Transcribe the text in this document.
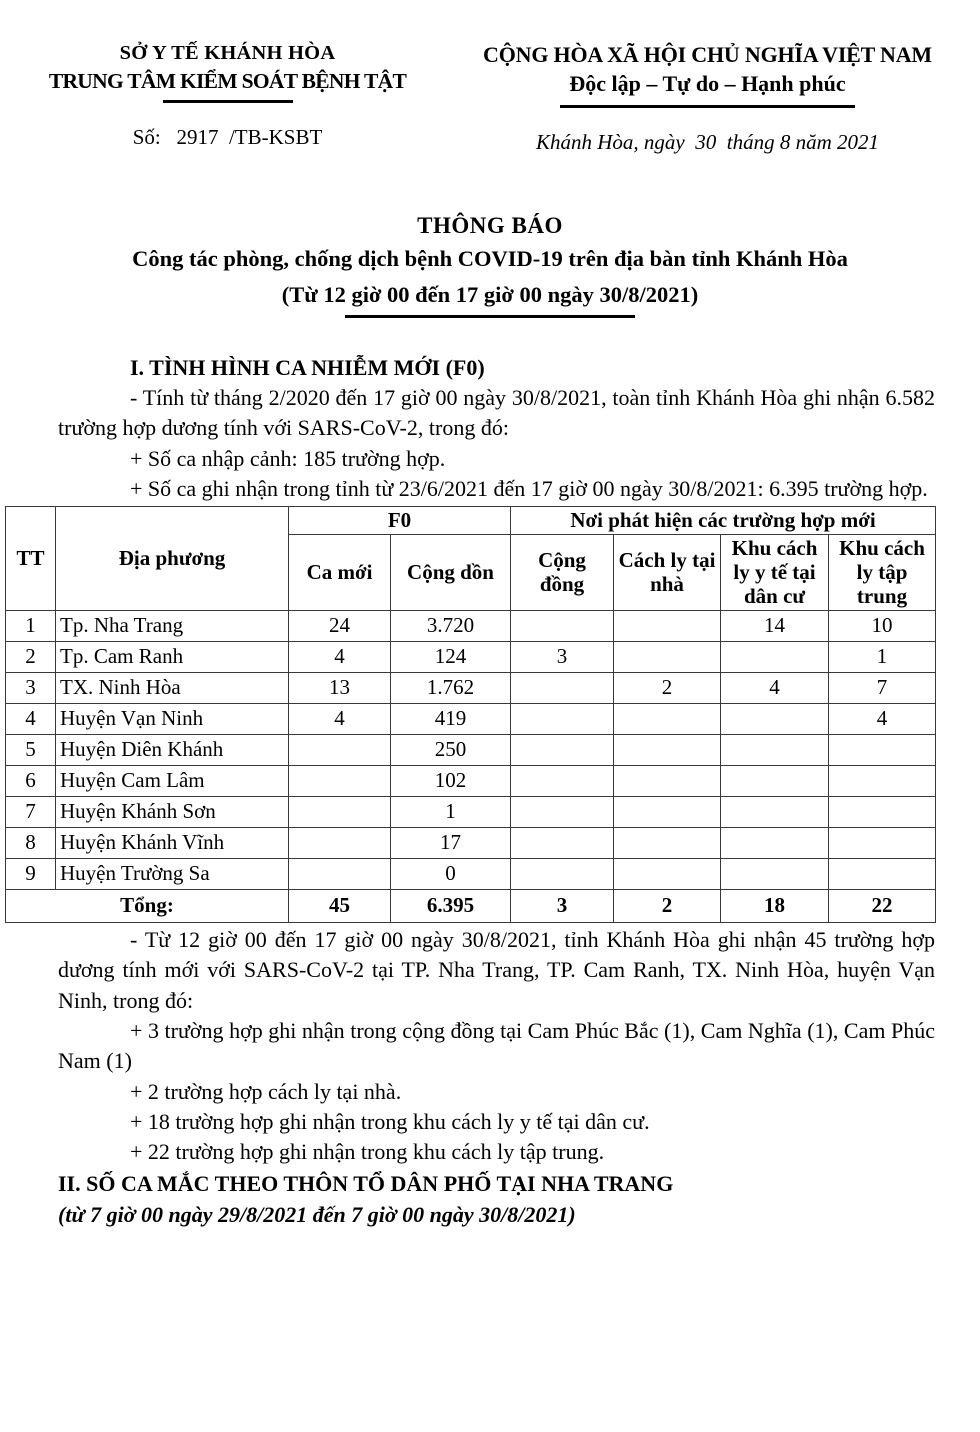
SỞ Y TẾ KHÁNH HÒA
TRUNG TÂM KIỂM SOÁT BỆNH TẬT
Số:   2917  /TB-KSBT
CỘNG HÒA XÃ HỘI CHỦ NGHĨA VIỆT NAM
Độc lập – Tự do – Hạnh phúc
Khánh Hòa, ngày  30  tháng 8 năm 2021
THÔNG BÁO
Công tác phòng, chống dịch bệnh COVID-19 trên địa bàn tỉnh Khánh Hòa
(Từ 12 giờ 00 đến 17 giờ 00 ngày 30/8/2021)

I. TÌNH HÌNH CA NHIỄM MỚI (F0)

- Tính từ tháng 2/2020 đến 17 giờ 00 ngày 30/8/2021, toàn tỉnh Khánh Hòa ghi nhận 6.582 trường hợp dương tính với SARS-CoV-2, trong đó:

+ Số ca nhập cảnh: 185 trường hợp.

+ Số ca ghi nhận trong tỉnh từ 23/6/2021 đến 17 giờ 00 ngày 30/8/2021: 6.395 trường hợp.

TT	Địa phương	F0		Nơi phát hiện các trường hợp mới			
		Ca mới	Cộng dồn	Cộng đồng	Cách ly tại nhà	Khu cách ly y tế tại dân cư	Khu cách ly tập trung
1	Tp. Nha Trang	24	3.720			14	10
2	Tp. Cam Ranh	4	124	3			1
3	TX. Ninh Hòa	13	1.762		2	4	7
4	Huyện Vạn Ninh	4	419				4
5	Huyện Diên Khánh		250				
6	Huyện Cam Lâm		102				
7	Huyện Khánh Sơn		1				
8	Huyện Khánh Vĩnh		17				
9	Huyện Trường Sa		0				
Tổng:		45	6.395	3	2	18	22

- Từ 12 giờ 00 đến 17 giờ 00 ngày 30/8/2021, tỉnh Khánh Hòa ghi nhận 45 trường hợp dương tính mới với SARS-CoV-2 tại TP. Nha Trang, TP. Cam Ranh, TX. Ninh Hòa, huyện Vạn Ninh, trong đó:

+ 3 trường hợp ghi nhận trong cộng đồng tại Cam Phúc Bắc (1), Cam Nghĩa (1), Cam Phúc Nam (1)

+ 2 trường hợp cách ly tại nhà.

+ 18 trường hợp ghi nhận trong khu cách ly y tế tại dân cư.

+ 22 trường hợp ghi nhận trong khu cách ly tập trung.

II. SỐ CA MẮC THEO THÔN TỔ DÂN PHỐ TẠI NHA TRANG

(từ 7 giờ 00 ngày 29/8/2021 đến 7 giờ 00 ngày 30/8/2021)
